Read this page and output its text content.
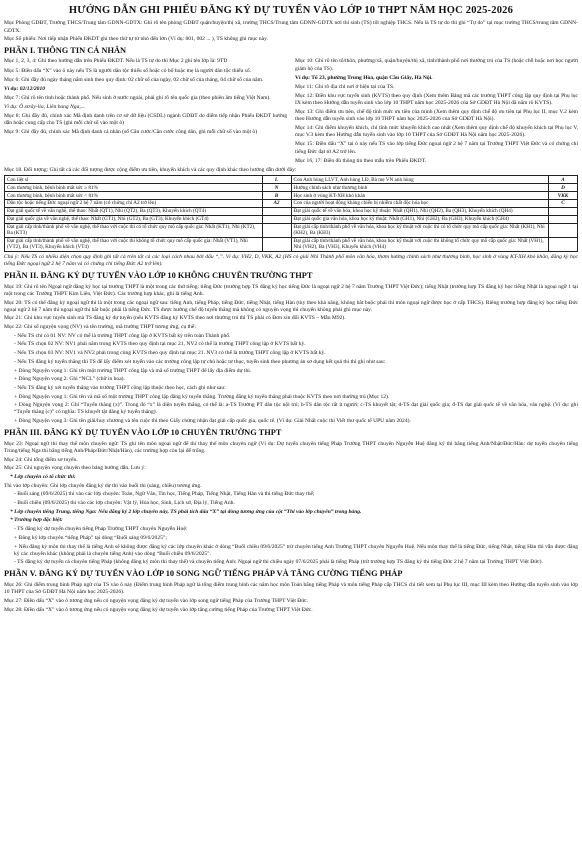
HƯỚNG DẪN GHI PHIẾU ĐĂNG KÝ DỰ TUYỂN VÀO LỚP 10 THPT NĂM HỌC 2025-2026

Mục Phòng GDĐT, Trường THCS/Trung tâm GDNN-GDTX: Ghi rõ tên phòng GDĐT quận/huyện/thị xã, trường THCS/Trung tâm GDNN-GDTX nơi thí sinh (TS) tốt nghiệp THCS. Nếu là TS tự do thì ghi “Tự do” tại mục trường THCS/trung tâm GDNN-GDTX.

Mục Số phiếu: Nơi tiếp nhận Phiếu ĐKDT ghi theo thứ tự từ nhỏ đến lớn (Ví dụ: 001, 002 ... ), TS không ghi mục này.

PHẦN I. THÔNG TIN CÁ NHÂN
Mục 1, 2, 3, 4: Ghi theo hướng dẫn trên Phiếu ĐKDT. Nếu là TS tự do thì Mục 2 ghi tên lớp là: 9TD
Mục 5: Điền dấu “X” vào ô này nếu TS là người dân tộc thiểu số hoặc có bố hoặc mẹ là người dân tộc thiểu số.
Mục 6: Ghi đầy đủ ngày tháng năm sinh theo quy định: 02 chữ số của ngày, 02 chữ số của tháng, 04 chữ số của năm.
Ví dụ: 02/12/2010
Mục 7: Ghi rõ tên tỉnh hoặc thành phố. Nếu sinh ở nước ngoài, phải ghi rõ tên quốc gia (theo phiên âm tiếng Việt Nam).
Ví dụ: Ô xtrây-lia, Liên bang Nga,...
Mục 8: Ghi đầy đủ, chính xác Mã định danh trên cơ sở dữ liệu (CSDL) ngành GDĐT do điểm tiếp nhận Phiếu ĐKDT hướng dẫn hoặc cung cấp cho TS (ghi mỗi chữ số vào một ô)
Mục 9: Ghi đầy đủ, chính xác Mã định danh cá nhân (số Căn cước/Căn cước công dân, ghi mỗi chữ số vào một ô)
Mục 10: Ghi rõ tên tổ/thôn, phường/xã, quận/huyện/thị xã, tỉnh/thành phố nơi thường trú của TS (hoặc chỗ hoặc nơi học người giám hộ của TS).
Ví dụ: Tổ 23, phường Trung Hòa, quận Cầu Giấy, Hà Nội.
Mục 11: Ghi rõ địa chỉ nơi ở hiện tại của TS.
Mục 12: Điền khu vực tuyển sinh (KVTS) theo quy định (Xem thêm Bảng mã các trường THPT công lập quy định tại Phụ lục IX kèm theo Hướng dẫn tuyển sinh vào lớp 10 THPT năm học 2025-2026 của Sở GDĐT Hà Nội đã nắm rõ KVTS).
Mục 13: Ghi điểm ưu tiên, chế độ tính mức ưu tiên của mình (Xem thêm quy định chế độ ưu tiên tại Phụ lục II, mục V.2 kèm theo Hướng dẫn tuyển sinh vào lớp 10 THPT năm học 2025-2026 của Sở GDĐT Hà Nội).
Mục 14: Ghi điểm khuyến khích, chỉ tính mức khuyến khích cao nhất (Xem thêm quy định chế độ khuyến khích tại Phụ lục V, mục V.3 kèm theo Hướng dẫn tuyển sinh vào lớp 10 THPT của Sở GDĐT Hà Nội năm học 2025-2026).
Mục 15: Điền dấu “X” tại ô này nếu TS vào lớp tiếng Đức ngoại ngữ 2 hệ 7 năm tại Trường THPT Việt Đức và có chứng chỉ tiếng Đức đạt từ A2 trở lên.
Mục 16, 17: Điền đủ thông tin theo mẫu trên Phiếu ĐKDT.
Mục 18. Đối tượng: Ghi tất cả các đối tượng được cộng điểm ưu tiên, khuyến khích và các quy định khác theo hướng dẫn dưới đây:
Con liệt sĩ	L	Con Anh hùng LLVT, Anh hùng LĐ, Bà mẹ VN anh hùng	A
Con thương binh, bệnh binh mất sức ≥ 81%	N	Hưởng chính sách như thương binh	D
Con thương binh, bệnh binh mất sức < 81%	B	Học sinh ở vùng KT-XH khó khăn	VKK
Dân tộc hoặc tiếng Đức ngoại ngữ 2 hệ 7 năm (có chứng chỉ A2 trở lên)	A2	Con của người hoạt động kháng chiến bị nhiễm chất độc hóa học	C
Đạt giải quốc tế về văn nghệ, thể thao: Nhất (QT1), Nhì (QT2), Ba (QT3), Khuyến khích (QT4)		Đạt giải quốc tế về văn hóa, khoa học kỹ thuật: Nhất (QH1), Nhì (QH2), Ba (QH3), Khuyến khích (QH4)	
Đạt giải quốc gia về văn nghệ, thể thao: Nhất (GT1), Nhì (GT2), Ba (GT3), Khuyến khích (GT4)		Đạt giải quốc gia văn hóa, khoa học kỹ thuật: Nhất (GH1), Nhì (GH2), Ba (GH3), Khuyến khích (GH4)	
Đạt giải cấp tỉnh/thành phố về văn nghệ, thể thao với cuộc thi có tổ chức quy mô cấp quốc gia: Nhất (KT1), Nhì (KT2), Ba (KT3)		Đạt giải cấp tỉnh/thành phố về văn hóa, khoa học kỹ thuật với cuộc thi có tổ chức quy mô cấp quốc gia: Nhất (KH1), Nhì (KH2), Ba (KH3)	
Đạt giải cấp tỉnh/thành phố về văn nghệ, thể thao với cuộc thi không tổ chức quy mô cấp quốc gia: Nhất (VT1), Nhì (VT2), Ba (VT3), Khuyến khích (VT4)		Đạt giải cấp tỉnh/thành phố về văn hóa, khoa học kỹ thuật với cuộc thi không tổ chức quy mô cấp quốc gia: Nhất (VH1), Nhì (VH2), Ba (VH3), Khuyến khích (VH4)	
Chú ý: Nếu TS có nhiều diện chọn quy định ghi tất cả trên tất cả các loại cách nhau bởi dấu “,”. Ví dụ: VH2, D, VKK, A2 (HS có giải Nhì Thành phố môn văn hóa, thơm hưởng chính sách như thương binh, học sinh ở vùng KT-XH khó khăn, đăng ký học tiếng Đức ngoại ngữ 2 hệ 7 năm và có chứng chỉ tiếng Đức A2 trở lên).
PHẦN II. ĐĂNG KÝ DỰ TUYỂN VÀO LỚP 10 KHÔNG CHUYÊN TRƯỜNG THPT
Mục 19: Ghi rõ tên Ngoại ngữ đăng ký học tại trường THPT là một trong các thứ tiếng: tiếng Đức (trường hợp TS đăng ký học tiếng Đức là ngoại ngữ 2 hệ 7 năm Trường THPT Việt Đức); tiếng Nhật (trường hợp TS đăng ký học tiếng Nhật là ngoại ngữ 1 tại một trong các Trường THPT Kim Liên, Việt Đức). Các trường hợp khác, ghi là tiếng Anh.
Mục 20: TS có thể đăng ký ngoại ngữ thi là một trong các ngoại ngữ sau: tiếng Anh, tiếng Pháp, tiếng Đức, tiếng Nhật, tiếng Hàn (tùy theo khả năng, không bắt buộc phải thi môn ngoại ngữ được học ở cấp THCS). Riêng trường hợp đăng ký học tiếng Đức ngoại ngữ 2 hệ 7 năm thì ngoại ngữ thi bắt buộc phải là tiếng Đức. TS được hưởng chế độ tuyển thẳng mà không có nguyện vọng thi chuyển không phải ghi mục này.
Mục 21: Ghi khu vực tuyển sinh mà TS đăng ký dự tuyển (nếu KVTS đăng ký KVTS theo nơi thường trú thì TS phải có Đơn xin đổi KVTS – Mẫu M92).
Mục 22: Ghi số nguyện vọng (NV) và tên trường, mã trường THPT tương ứng, cụ thể:
- Nếu TS chỉ có 01 NV: NV có thể là trường THPT công lập ở KVTS bất kỳ trên toàn Thành phố.
- Nếu TS chọn 02 NV: NV1 phải nằm trong KVTS theo quy định tại mục 21, NV2 có thể là trường THPT công lập ở KVTS bất kỳ.
- Nếu TS chọn 03 NV: NV1 và NV2 phải trong cùng KVTS theo quy định tại mục 21. NV3 có thể là trường THPT công lập ở KVTS bất kỳ.
- Nếu TS đăng ký tuyển thẳng thì TS để lấy điểm xét tuyển vào các trường công lập tự chủ hoặc tư thục, tuyển sinh theo phương án sơ dụng kết quả thi thì ghi như sau:
+ Dòng Nguyện vọng 1: Ghi tên một trường THPT công lập và mã số trường THPT để lấy địa điểm dự thi.
+ Dòng Nguyện vọng 2: Ghi “NCL” (chữ in hoa).
- Nếu TS đăng ký xét tuyển thẳng vào trường THPT công lập thuộc theo học, cách ghi như sau:
+ Dòng Nguyện vọng 1: Ghi tên và mã số một trường THPT công lập đăng ký tuyển thẳng. Trường đăng ký tuyển thẳng phải thuộc KVTS theo nơi thường trú (Mục 12).
+ Dòng Nguyện vọng 2: Ghi “Tuyển thẳng (x)”. Trong đó “x” là diện tuyển thẳng, có thể là: a-TS Trường PT dân tộc nội trú; b-TS dân tộc rất ít người; c-TS khuyết tật; d-TS đạt giải quốc gia; đ-TS đạt giải quốc tế về văn hóa, văn nghệ. (Ví dụ: ghi “Tuyển thẳng (c)” có nghĩa: TS khuyết tật đăng ký tuyển thẳng).
+ Dòng Nguyện vọng 3: Ghi tên giải/huy chương và tên cuộc thi theo Giấy chứng nhận đạt giải cấp quốc gia, quốc tế. (Ví dụ: Giải Nhất cuộc thi Viết thư quốc tế UPU năm 2024).
PHẦN III. ĐĂNG KÝ DỰ TUYỂN VÀO LỚP 10 CHUYÊN TRƯỜNG THPT
Mục 23: Ngoại ngữ thi thay thế môn chuyên ngữ: TS ghi tên môn ngoại ngữ để thi thay thế môn chuyên ngữ (Ví dụ: Dự tuyển chuyên tiếng Pháp Trường THPT chuyên Nguyễn Huệ đăng ký thi bằng tiếng Anh/Nhật/Đức/Hàn: dự tuyển chuyên tiếng Trung/tiếng Nga thi bằng tiếng Anh/Pháp/Đức/Nhật/Hàn), các trường hợp còn lại để trống.
Mục 24: Ghi tổng điểm sơ tuyển.
Mục 25: Ghi nguyện vọng chuyên theo bảng hướng dẫn. Lưu ý:
* Lớp chuyên có tổ chức thi:
Thi vào lớp chuyên: Ghi lớp chuyên đăng ký dự thi vào buổi thi (sáng, chiều) tương ứng.
- Buổi sáng (09/6/2025) thi vào các lớp chuyên: Toán, Ngữ Văn, Tin học, Tiếng Pháp, Tiếng Nhật, Tiếng Hàn và thi tiếng Đức thay thế;
- Buổi chiều (09/6/2025) thi vào các lớp chuyên: Vật lý, Hóa học, Sinh, Lịch sử, Địa lý, Tiếng Anh.
* Lớp chuyên tiếng Trung, tiếng Nga: Nếu đăng ký 2 lớp chuyên này, TS phải tích dấu “X” tại dòng tương ứng của cột “Thi vào lớp chuyên” trong bảng.
* Trường hợp đặc biệt:
- TS đăng ký dự tuyển chuyên tiếng Pháp Trường THPT chuyên Nguyễn Huệ:
+ Đăng ký lớp chuyên “tiếng Pháp” tại dòng “Buổi sáng 09/6/2025”;
+ Nếu đăng ký môn thi thay thế là tiếng Anh sẽ không được đăng ký các lớp chuyên khác ở dòng “Buổi chiều 09/6/2025” trừ chuyên tiếng Anh Trường THPT chuyên Nguyễn Huệ. Nếu môn thay thế là tiếng Đức, tiếng Nhật, tiếng Hàn thì vẫn được đăng ký các chuyên khác (không phải là chuyên tiếng Anh) vào dòng “Buổi chiều 09/6/2025”.
- TS đăng ký dự tuyển cả chuyên tiếng Pháp (không đăng ký môn thi thay thế) và chuyên tiếng Anh: Ngoại ngữ thi chiều ngày 07/6/2025 phải là tiếng Pháp (trừ trường hợp TS đăng ký thi tiếng Đức 2 hệ 7 năm tại Trường THPT Việt Đức).
PHẦN V. ĐĂNG KÝ DỰ TUYỂN VÀO LỚP 10 SONG NGỮ TIẾNG PHÁP VÀ TĂNG CƯỜNG TIẾNG PHÁP
Mục 26: Ghi điểm trung bình Pháp ngữ của TS vào ô này (Điểm trung bình Pháp ngữ là tổng điểm trung bình các năm học môn Toán bằng tiếng Pháp và môn tiếng Pháp cấp THCS chỉ tiết xem tại Phụ lục III, mục III kèm theo Hướng dẫn tuyển sinh vào lớp 10 THPT của Sở GDĐT Hà Nội năm học 2025-2026).
Mục 27: Điền dấu “X” vào ô tương ứng nếu có nguyện vọng đăng ký dự tuyển vào lớp song ngữ tiếng Pháp của Trường THPT Việt Đức.
Mục 28: Điền dấu “X” vào ô tương ứng nếu có nguyện vọng đăng ký dự tuyển vào lớp tăng cường tiếng Pháp của Trường THPT Việt Đức.
